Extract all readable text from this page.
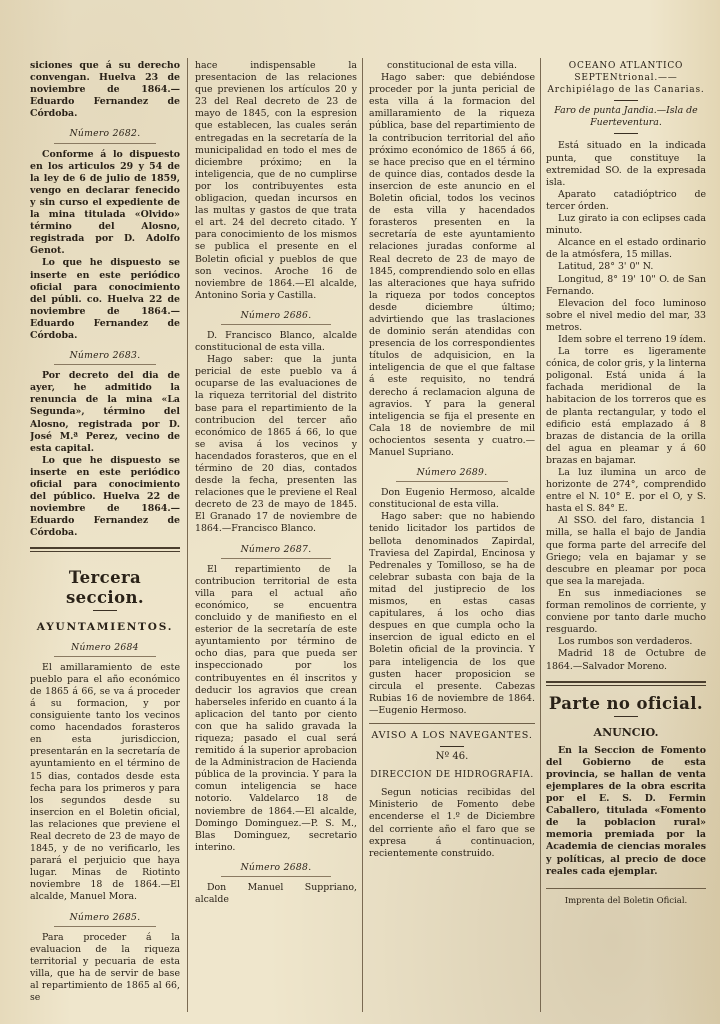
siciones que á su derecho convengan. Huelva 23 de noviembre de 1864.—Eduardo Fernandez de Córdoba.

Número 2682.

Conforme á lo dispuesto en los articulos 29 y 54 de la ley de 6 de julio de 1859, vengo en declarar fenecido y sin curso el expediente de la mina titulada «Olvido» término del Alosno, registrada por D. Adolfo Genot.

Lo que he dispuesto se inserte en este periódico oficial para conocimiento del públi. co. Huelva 22 de noviembre de 1864.—Eduardo Fernandez de Córdoba.

Número 2683.

Por decreto del dia de ayer, he admitido la renuncia de la mina «La Segunda», término del Alosno, registrada por D. José M.ª Perez, vecino de esta capital.

Lo que he dispuesto se inserte en este periódico oficial para conocimiento del público. Huelva 22 de noviembre de 1864.—Eduardo Fernandez de Córdoba.

Tercera seccion.
AYUNTAMIENTOS.
Número 2684

El amillaramiento de este pueblo para el año económico de 1865 á 66, se va á proceder á su formacion, y por consiguiente tanto los vecinos como hacendados forasteros en esta jurisdiccion, presentarán en la secretaría de ayuntamiento en el término de 15 dias, contados desde esta fecha para los primeros y para los segundos desde su insercion en el Boletin oficial, las relaciones que previene el Real decreto de 23 de mayo de 1845, y de no verificarlo, les parará el perjuicio que haya lugar. Minas de Riotinto noviembre 18 de 1864.—El alcalde, Manuel Mora.

Número 2685.

Para proceder á la evaluacion de la riqueza territorial y pecuaria de esta villa, que ha de servir de base al repartimiento de 1865 al 66, se

hace indispensable la presentacion de las relaciones que previenen los artículos 20 y 23 del Real decreto de 23 de mayo de 1845, con la espresion que establecen, las cuales serán entregadas en la secretaría de la municipalidad en todo el mes de diciembre próximo; en la inteligencia, que de no cumplirse por los contribuyentes esta obligacion, quedan incursos en las multas y gastos de que trata el art. 24 del decreto citado. Y para conocimiento de los mismos se publica el presente en el Boletin oficial y pueblos de que son vecinos. Aroche 16 de noviembre de 1864.—El alcalde, Antonino Soria y Castilla.

Número 2686.

D. Francisco Blanco, alcalde constitucional de esta villa.

Hago saber: que la junta pericial de este pueblo va á ocuparse de las evaluaciones de la riqueza territorial del distrito base para el repartimiento de la contribucion del tercer año económico de 1865 á 66, lo que se avisa á los vecinos y hacendados forasteros, que en el término de 20 dias, contados desde la fecha, presenten las relaciones que le previene el Real decreto de 23 de mayo de 1845. El Granado 17 de noviembre de 1864.—Francisco Blanco.

Número 2687.

El repartimiento de la contribucion territorial de esta villa para el actual año económico, se encuentra concluido y de manifiesto en el esterior de la secretaría de este ayuntamiento por término de ocho dias, para que pueda ser inspeccionado por los contribuyentes en él inscritos y deducir los agravios que crean haberseles inferido en cuanto á la aplicacion del tanto por ciento con que ha salido gravada la riqueza; pasado el cual será remitido á la superior aprobacion de la Administracion de Hacienda pública de la provincia. Y para la comun inteligencia se hace notorio. Valdelarco 18 de noviembre de 1864.—El alcalde, Domingo Dominguez.—P. S. M., Blas Dominguez, secretario interino.

Número 2688.

Don Manuel Suppriano, alcalde

constitucional de esta villa.

Hago saber: que debiéndose proceder por la junta pericial de esta villa á la formacion del amillaramiento de la riqueza pública, base del repartimiento de la contribucion territorial del año próximo económico de 1865 á 66, se hace preciso que en el término de quince dias, contados desde la insercion de este anuncio en el Boletin oficial, todos los vecinos de esta villa y hacendados forasteros presenten en la secretaría de este ayuntamiento relaciones juradas conforme al Real decreto de 23 de mayo de 1845, comprendiendo solo en ellas las alteraciones que haya sufrido la riqueza por todos conceptos desde diciembre último; advirtiendo que las traslaciones de dominio serán atendidas con presencia de los correspondientes títulos de adquisicion, en la inteligencia de que el que faltase á este requisito, no tendrá derecho á reclamacion alguna de agravios. Y para la general inteligencia se fija el presente en Cala 18 de noviembre de mil ochocientos sesenta y cuatro.—Manuel Supriano.

Número 2689.

Don Eugenio Hermoso, alcalde constitucional de esta villa.

Hago saber: que no habiendo tenido licitador los partidos de bellota denominados Zapirdal, Traviesa del Zapirdal, Encinosa y Pedrenales y Tomilloso, se ha de celebrar subasta con baja de la mitad del justiprecio de los mismos, en estas casas capitulares, á los ocho dias despues en que cumpla ocho la insercion de igual edicto en el Boletin oficial de la provincia. Y para inteligencia de los que gusten hacer proposicion se circula el presente. Cabezas Rubias 16 de noviembre de 1864.—Eugenio Hermoso.

AVISO A LOS NAVEGANTES.
Nº 46.
DIRECCION DE HIDROGRAFIA.

Segun noticias recibidas del Ministerio de Fomento debe encenderse el 1.º de Diciembre del corriente año el faro que se expresa á continuacion, recientemente construido.

OCEANO ATLANTICO SEPTENtrional.——Archipiélago de las Canarias.

Faro de punta Jandia.—Isla de Fuerteventura.

Está situado en la indicada punta, que constituye la extremidad SO. de la expresada isla.

Aparato catadióptrico de tercer órden.

Luz girato ia con eclipses cada minuto.

Alcance en el estado ordinario de la atmósfera, 15 millas.

Latitud, 28° 3' 0" N.

Longitud, 8° 19' 10" O. de San Fernando.

Elevacion del foco luminoso sobre el nivel medio del mar, 33 metros.

Idem sobre el terreno 19 ídem.

La torre es ligeramente cónica, de color gris, y la linterna poligonal. Está unida á la fachada meridional de la habitacion de los torreros que es de planta rectangular, y todo el edificio está emplazado á 8 brazas de distancia de la orilla del agua en pleamar y á 60 brazas en bajamar.

La luz ilumina un arco de horizonte de 274°, comprendido entre el N. 10° E. por el O, y S. hasta el S. 84° E.

Al SSO. del faro, distancia 1 milla, se halla el bajo de Jandia que forma parte del arrecife del Griego; vela en bajamar y se descubre en pleamar por poca que sea la marejada.

En sus inmediaciones se forman remolinos de corriente, y conviene por tanto darle mucho resguardo.

Los rumbos son verdaderos.

Madrid 18 de Octubre de 1864.—Salvador Moreno.

Parte no oficial.
ANUNCIO.

En la Seccion de Fomento del Gobierno de esta provincia, se hallan de venta ejemplares de la obra escrita por el E. S. D. Fermin Caballero, titulada «Fomento de la poblacion rural» memoria premiada por la Academia de ciencias morales y políticas, al precio de doce reales cada ejemplar.

Imprenta del Boletin Oficial.
